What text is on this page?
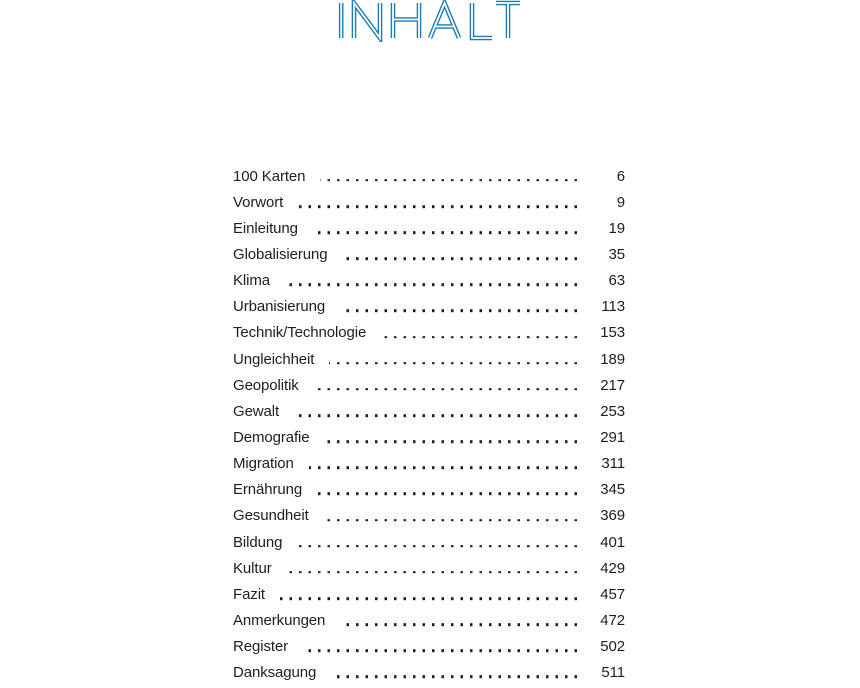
100 Karten	6
Vorwort	9
Einleitung	19
Globalisierung	35
Klima	63
Urbanisierung	113
Technik/Technologie	153
Ungleichheit	189
Geopolitik	217
Gewalt	253
Demografie	291
Migration	311
Ernährung	345
Gesundheit	369
Bildung	401
Kultur	429
Fazit	457
Anmerkungen	472
Register	502
Danksagung	511
